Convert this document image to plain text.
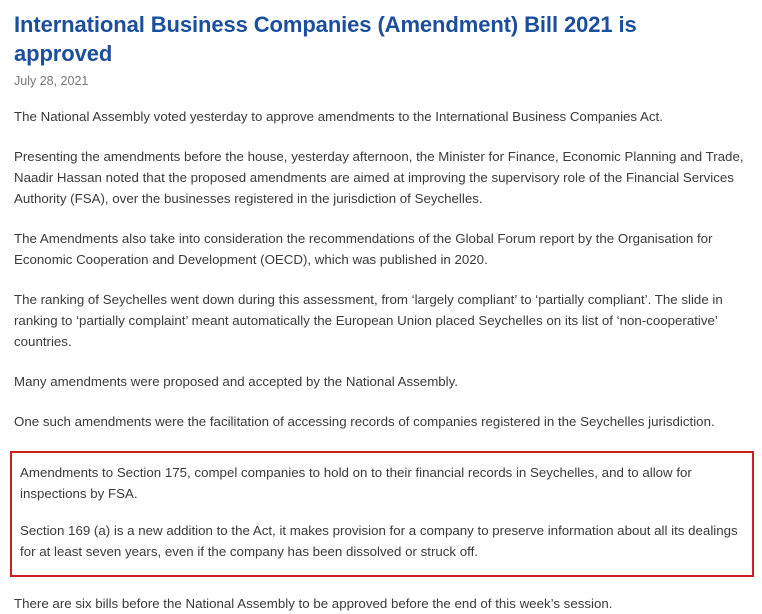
International Business Companies (Amendment) Bill 2021 is approved
July 28, 2021

The National Assembly voted yesterday to approve amendments to the International Business Companies Act.

Presenting the amendments before the house, yesterday afternoon, the Minister for Finance, Economic Planning and Trade, Naadir Hassan noted that the proposed amendments are aimed at improving the supervisory role of the Financial Services Authority (FSA), over the businesses registered in the jurisdiction of Seychelles.

The Amendments also take into consideration the recommendations of the Global Forum report by the Organisation for Economic Cooperation and Development (OECD), which was published in 2020.

The ranking of Seychelles went down during this assessment, from ‘largely compliant’ to ‘partially compliant’. The slide in ranking to ‘partially complaint’ meant automatically the European Union placed Seychelles on its list of ‘non-cooperative’ countries.

Many amendments were proposed and accepted by the National Assembly.

One such amendments were the facilitation of accessing records of companies registered in the Seychelles jurisdiction.

Amendments to Section 175, compel companies to hold on to their financial records in Seychelles, and to allow for inspections by FSA.

Section 169 (a) is a new addition to the Act, it makes provision for a company to preserve information about all its dealings for at least seven years, even if the company has been dissolved or struck off.

There are six bills before the National Assembly to be approved before the end of this week’s session.
